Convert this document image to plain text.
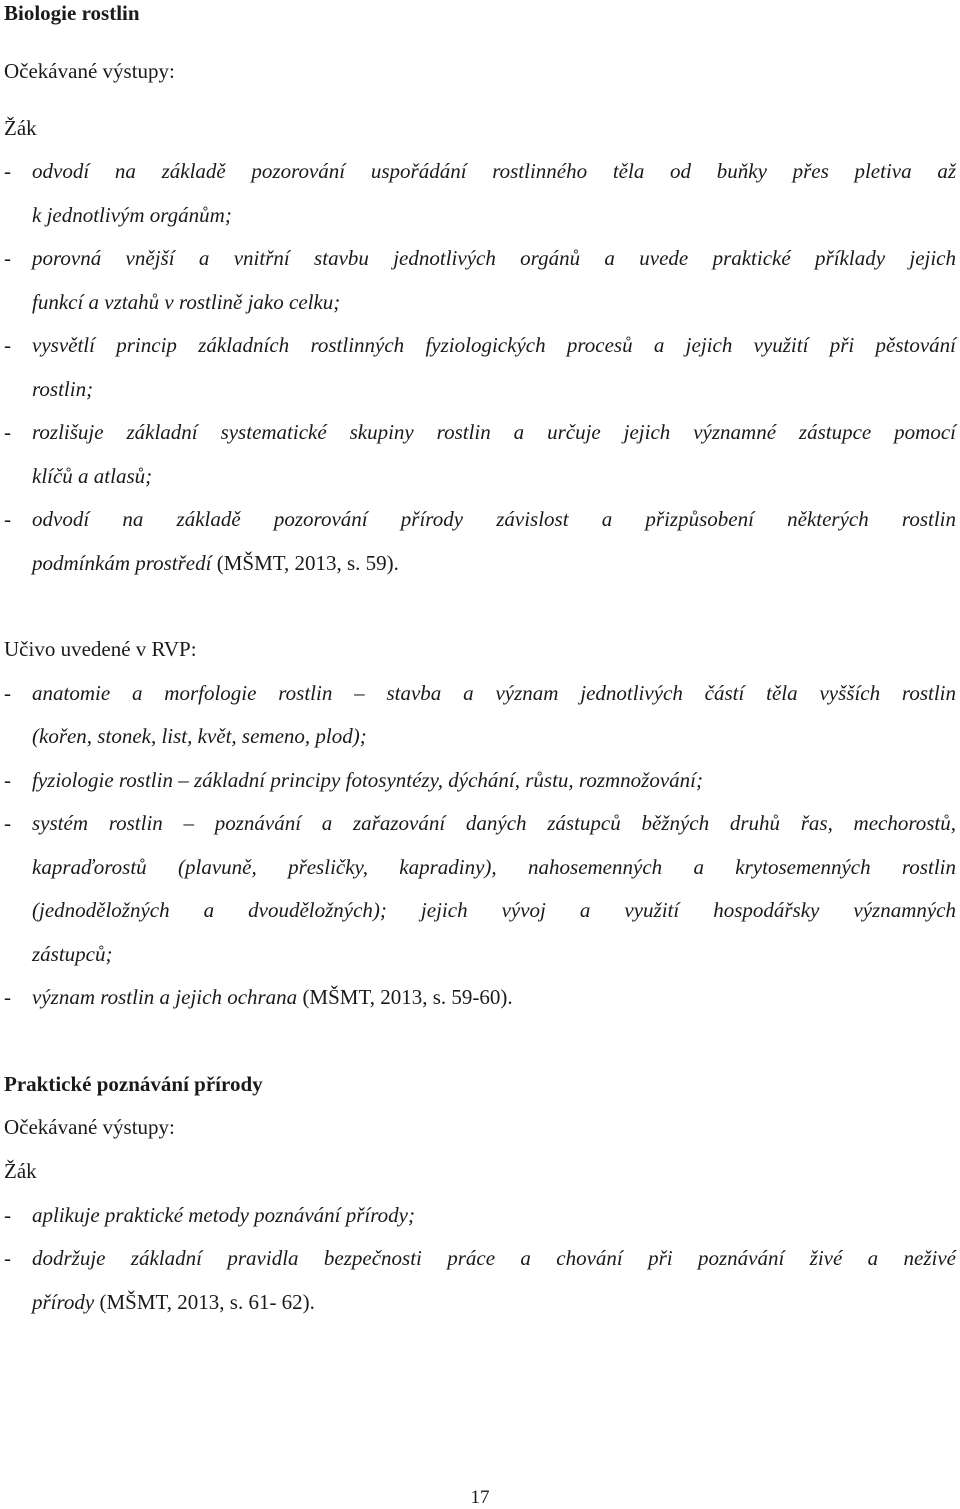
Biologie rostlin
Očekávané výstupy:
Žák
- odvodí na základě pozorování uspořádání rostlinného těla od buňky přes pletiva až
k jednotlivým orgánům;
- porovná vnější a vnitřní stavbu jednotlivých orgánů a uvede praktické příklady jejich
funkcí a vztahů v rostlině jako celku;
- vysvětlí princip základních rostlinných fyziologických procesů a jejich využití při pěstování
rostlin;
- rozlišuje základní systematické skupiny rostlin a určuje jejich významné zástupce pomocí
klíčů a atlasů;
- odvodí na základě pozorování přírody závislost a přizpůsobení některých rostlin
podmínkám prostředí (MŠMT, 2013, s. 59).
Učivo uvedené v RVP:
- anatomie a morfologie rostlin – stavba a význam jednotlivých částí těla vyšších rostlin
(kořen, stonek, list, květ, semeno, plod);
- fyziologie rostlin – základní principy fotosyntézy, dýchání, růstu, rozmnožování;
- systém rostlin – poznávání a zařazování daných zástupců běžných druhů řas, mechorostů,
kapraďorostů (plavuně, přesličky, kapradiny), nahosemenných a krytosemenných rostlin
(jednoděložných a dvouděložných); jejich vývoj a využití hospodářsky významných
zástupců;
- význam rostlin a jejich ochrana (MŠMT, 2013, s. 59-60).
Praktické poznávání přírody
Očekávané výstupy:
Žák
- aplikuje praktické metody poznávání přírody;
- dodržuje základní pravidla bezpečnosti práce a chování při poznávání živé a neživé
přírody (MŠMT, 2013, s. 61- 62).
17
